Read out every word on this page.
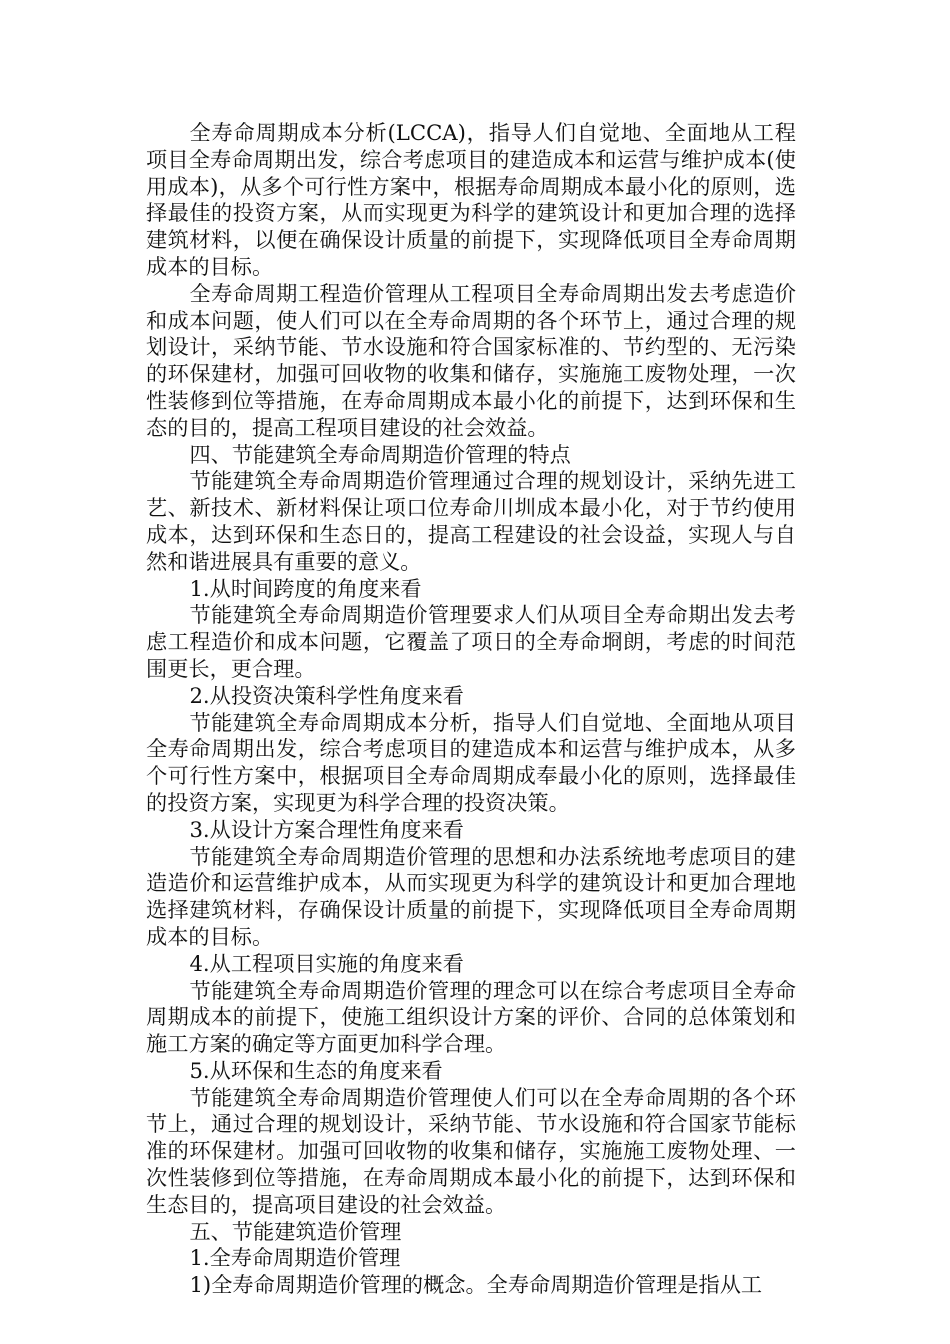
全寿命周期成本分析(LCCA)，指导人们自觉地、全面地从工程项目全寿命周期出发，综合考虑项目的建造成本和运营与维护成本(使用成本)，从多个可行性方案中，根据寿命周期成本最小化的原则，选择最佳的投资方案，从而实现更为科学的建筑设计和更加合理的选择建筑材料，以便在确保设计质量的前提下，实现降低项目全寿命周期成本的目标。

全寿命周期工程造价管理从工程项目全寿命周期出发去考虑造价和成本问题，使人们可以在全寿命周期的各个环节上，通过合理的规划设计，采纳节能、节水设施和符合国家标准的、节约型的、无污染的环保建材，加强可回收物的收集和储存，实施施工废物处理，一次性装修到位等措施，在寿命周期成本最小化的前提下，达到环保和生态的目的，提高工程项目建设的社会效益。

四、节能建筑全寿命周期造价管理的特点

节能建筑全寿命周期造价管理通过合理的规划设计，采纳先进工艺、新技术、新材料保让项口位寿命川圳成本最小化，对于节约使用成本，达到环保和生态日的，提高工程建设的社会设益，实现人与自然和谐进展具有重要的意义。

1.从时间跨度的角度来看

节能建筑全寿命周期造价管理要求人们从项目全寿命期出发去考虑工程造价和成本问题，它覆盖了项日的全寿命埛朗，考虑的时间范围更长，更合理。

2.从投资决策科学性角度来看

节能建筑全寿命周期成本分析，指导人们自觉地、全面地从项目全寿命周期出发，综合考虑项目的建造成本和运营与维护成本，从多个可行性方案中，根据项目全寿命周期成奉最小化的原则，选择最佳的投资方案，实现更为科学合理的投资决策。

3.从设计方案合理性角度来看

节能建筑全寿命周期造价管理的思想和办法系统地考虑项目的建造造价和运营维护成本，从而实现更为科学的建筑设计和更加合理地选择建筑材料，存确保设计质量的前提下，实现降低项目全寿命周期成本的目标。

4.从工程项目实施的角度来看

节能建筑全寿命周期造价管理的理念可以在综合考虑项目全寿命周期成本的前提下，使施工组织设计方案的评价、合同的总体策划和施工方案的确定等方面更加科学合理。

5.从环保和生态的角度来看

节能建筑全寿命周期造价管理使人们可以在全寿命周期的各个环节上，通过合理的规划设计，采纳节能、节水设施和符合国家节能标准的环保建材。加强可回收物的收集和储存，实施施工废物处理、一次性装修到位等措施，在寿命周期成本最小化的前提下，达到环保和生态目的，提高项目建设的社会效益。

五、节能建筑造价管理

1.全寿命周期造价管理

1)全寿命周期造价管理的概念。全寿命周期造价管理是指从工
